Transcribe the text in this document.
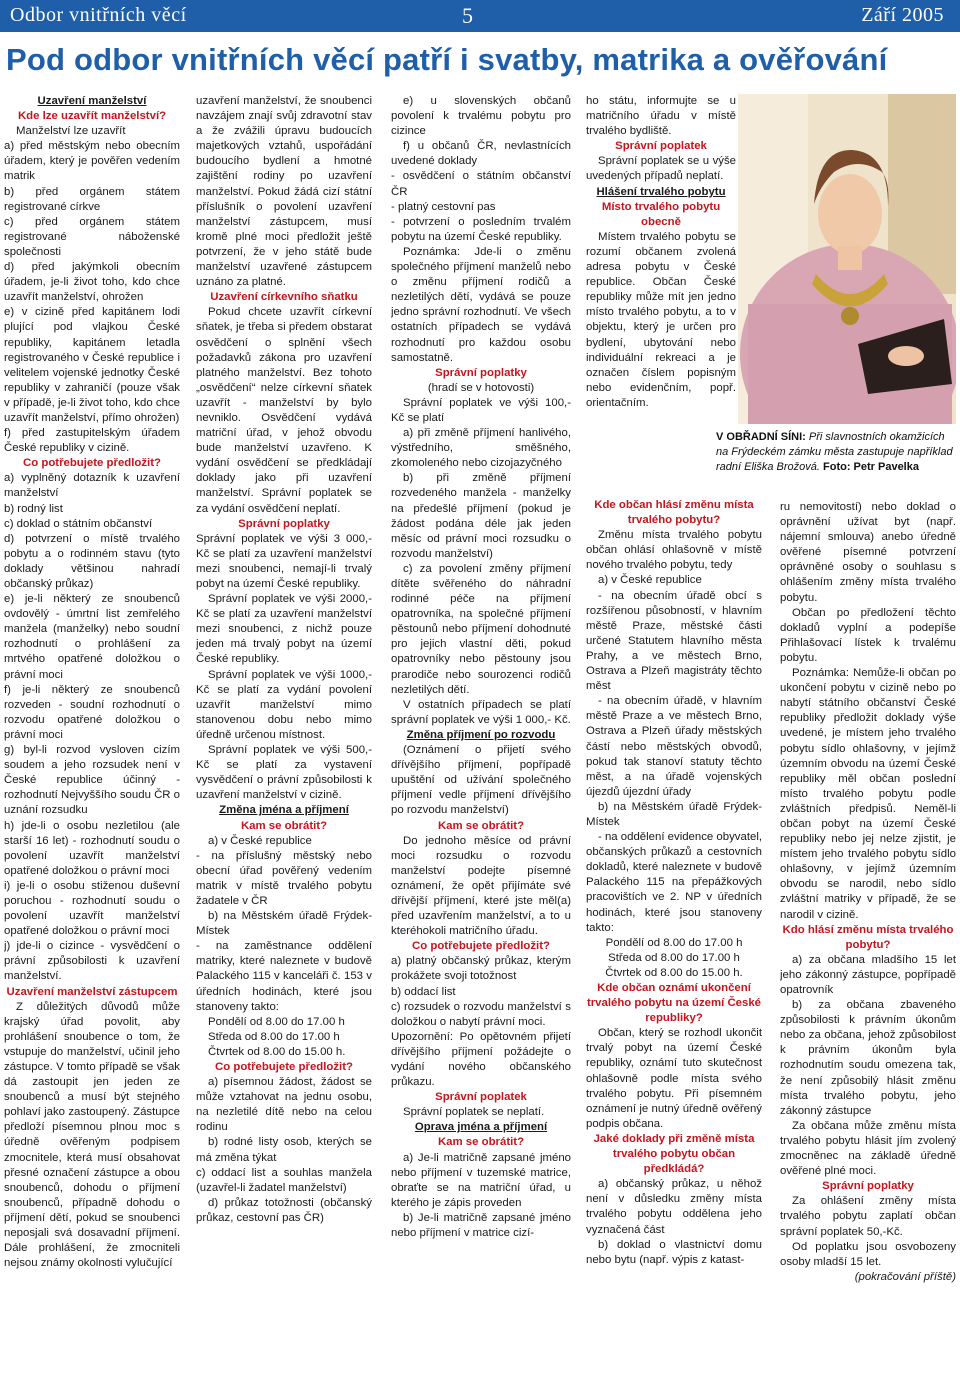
Odbor vnitřních věcí	5	Září 2005
Pod odbor vnitřních věcí patří i svatby, matrika a ověřování

Uzavření manželství

Kde lze uzavřít manželství?

Manželství lze uzavřít

a) před městským nebo obecním úřadem, který je pověřen vedením matrik

b) před orgánem státem registrované církve

c) před orgánem státem registrované náboženské společnosti

d) před jakýmkoli obecním úřadem, je-li život toho, kdo chce uzavřít manželství, ohrožen

e) v cizině před kapitánem lodi plující pod vlajkou České republiky, kapitánem letadla registrovaného v České republice i velitelem vojenské jednotky České republiky v zahraničí (pouze však v případě, je-li život toho, kdo chce uzavřít manželství, přímo ohrožen)

f) před zastupitelským úřadem České republiky v cizině.

Co potřebujete předložit?

a) vyplněný dotazník k uzavření manželství

b) rodný list

c) doklad o státním občanství

d) potvrzení o místě trvalého pobytu a o rodinném stavu (tyto doklady většinou nahradí občanský průkaz)

e) je-li některý ze snoubenců ovdovělý - úmrtní list zemřelého manžela (manželky) nebo soudní rozhodnutí o prohlášení za mrtvého opatřené doložkou o právní moci

f) je-li některý ze snoubenců rozveden - soudní rozhodnutí o rozvodu opatřené doložkou o právní moci

g) byl-li rozvod vysloven cizím soudem a jeho rozsudek není v České republice účinný - rozhodnutí Nejvyššího soudu ČR o uznání rozsudku

h) jde-li o osobu nezletilou (ale starší 16 let) - rozhodnutí soudu o povolení uzavřít manželství opatřené doložkou o právní moci

i) je-li o osobu stiženou duševní poruchou - rozhodnutí soudu o povolení uzavřít manželství opatřené doložkou o právní moci

j) jde-li o cizince - vysvědčení o právní způsobilosti k uzavření manželství.

Uzavření manželství zástupcem

Z důležitých důvodů může krajský úřad povolit, aby prohlášení snoubence o tom, že vstupuje do manželství, učinil jeho zástupce. V tomto případě se však dá zastoupit jen jeden ze snoubenců a musí být stejného pohlaví jako zastoupený. Zástupce předloží písemnou plnou moc s úředně ověřeným podpisem zmocnitele, která musí obsahovat přesné označení zástupce a obou snoubenců, dohodu o příjmení snoubenců, případně dohodu o příjmení dětí, pokud se snoubenci neposjali svá dosavadní příjmení. Dále prohlášení, že zmocniteli nejsou známy okolnosti vylučující

uzavření manželství, že snoubenci navzájem znají svůj zdravotní stav a že zvážili úpravu budoucích majetkových vztahů, uspořádání budoucího bydlení a hmotné zajištění rodiny po uzavření manželství. Pokud žádá cizí státní příslušník o povolení uzavření manželství zástupcem, musí kromě plné moci předložit ještě potvrzení, že v jeho státě bude manželství uzavřené zástupcem uznáno za platné.

Uzavření církevního sňatku

Pokud chcete uzavřít církevní sňatek, je třeba si předem obstarat osvědčení o splnění všech požadavků zákona pro uzavření platného manželství. Bez tohoto „osvědčení“ nelze církevní sňatek uzavřít - manželství by bylo nevniklo. Osvědčení vydává matriční úřad, v jehož obvodu bude manželství uzavřeno. K vydání osvědčení se předkládají doklady jako při uzavření manželství. Správní poplatek se za vydání osvědčení neplatí.

Správní poplatky

Správní poplatek ve výši 3 000,- Kč se platí za uzavření manželství mezi snoubenci, nemají-li trvalý pobyt na území České republiky.

Správní poplatek ve výši 2000,- Kč se platí za uzavření manželství mezi snoubenci, z nichž pouze jeden má trvalý pobyt na území České republiky.

Správní poplatek ve výši 1000,- Kč se platí za vydání povolení uzavřít manželství mimo stanovenou dobu nebo mimo úředně určenou místnost.

Správní poplatek ve výši 500,- Kč se platí za vystavení vysvědčení o právní způsobilosti k uzavření manželství v cizině.

Změna jména a příjmení

Kam se obrátit?

a) v České republice

- na příslušný městský nebo obecní úřad pověřený vedením matrik v místě trvalého pobytu žadatele v ČR

b) na Městském úřadě Frýdek-Místek

- na zaměstnance oddělení matriky, které naleznete v budově Palackého 115 v kanceláři č. 153 v úředních hodinách, které jsou stanoveny takto:

Pondělí od 8.00 do 17.00 h

Středa od 8.00 do 17.00 h

Čtvrtek od 8.00 do 15.00 h.

Co potřebujete předložit?

a) písemnou žádost, žádost se může vztahovat na jednu osobu, na nezletilé dítě nebo na celou rodinu

b) rodné listy osob, kterých se má změna týkat

c) oddací list a souhlas manžela (uzavřel-li žadatel manželství)

d) průkaz totožnosti (občanský průkaz, cestovní pas ČR)

e) u slovenských občanů povolení k trvalému pobytu pro cizince

f) u občanů ČR, nevlastnících uvedené doklady

- osvědčení o státním občanství ČR

- platný cestovní pas

- potvrzení o posledním trvalém pobytu na území České republiky.

Poznámka: Jde-li o změnu společného příjmení manželů nebo o změnu příjmení rodičů a nezletilých dětí, vydává se pouze jedno správní rozhodnutí. Ve všech ostatních případech se vydává rozhodnutí pro každou osobu samostatně.

Správní poplatky

(hradí se v hotovosti)

Správní poplatek ve výši 100,- Kč se platí

a) při změně příjmení hanlivého, výstředního, směšného, zkomoleného nebo cizojazyčného

b) při změně příjmení rozvedeného manžela - manželky na předešlé příjmení (pokud je žádost podána déle jak jeden měsíc od právní moci rozsudku o rozvodu manželství)

c) za povolení změny příjmení dítěte svěřeného do náhradní rodinné péče na příjmení opatrovníka, na společné příjmení pěstounů nebo příjmení dohodnuté pro jejich vlastní děti, pokud opatrovníky nebo pěstouny jsou prarodiče nebo sourozenci rodičů nezletilých dětí.

V ostatních případech se platí správní poplatek ve výši 1 000,- Kč.

Změna příjmení po rozvodu

(Oznámení o přijetí svého dřívějšího příjmení, popřípadě upuštění od užívání společného příjmení vedle příjmení dřívějšího po rozvodu manželství)

Kam se obrátit?

Do jednoho měsíce od právní moci rozsudku o rozvodu manželství podejte písemné oznámení, že opět přijímáte své dřívější příjmení, které jste měl(a) před uzavřením manželství, a to u kteréhokoli matričního úřadu.

Co potřebujete předložit?

a) platný občanský průkaz, kterým prokážete svoji totožnost

b) oddací list

c) rozsudek o rozvodu manželství s doložkou o nabytí právní moci.

Upozornění: Po opětovném přijetí dřívějšího příjmení požádejte o vydání nového občanského průkazu.

Správní poplatek

Správní poplatek se neplatí.

Oprava jména a příjmení

Kam se obrátit?

a) Je-li matričně zapsané jméno nebo příjmení v tuzemské matrice, obraťte se na matriční úřad, u kterého je zápis proveden

b) Je-li matričně zapsané jméno nebo příjmení v matrice cizí-

ho státu, informujte se u matričního úřadu v místě trvalého bydliště.

Správní poplatek

Správní poplatek se u výše uvedených případů neplatí.

Hlášení trvalého pobytu

Místo trvalého pobytu obecně

Místem trvalého pobytu se rozumí občanem zvolená adresa pobytu v České republice. Občan České republiky může mít jen jedno místo trvalého pobytu, a to v objektu, který je určen pro bydlení, ubytování nebo individuální rekreaci a je označen číslem popisným nebo evidenčním, popř. orientačním.

Kde občan hlásí změnu místa trvalého pobytu?

Změnu místa trvalého pobytu občan ohlásí ohlašovně v místě nového trvalého pobytu, tedy

a) v České republice

- na obecním úřadě obcí s rozšířenou působností, v hlavním městě Praze, městské části určené Statutem hlavního města Prahy, a ve městech Brno, Ostrava a Plzeň magistráty těchto měst

- na obecním úřadě, v hlavním městě Praze a ve městech Brno, Ostrava a Plzeň úřady městských částí nebo městských obvodů, pokud tak stanoví statuty těchto měst, a na úřadě vojenských újezdů újezdní úřady

b) na Městském úřadě Frýdek-Místek

- na oddělení evidence obyvatel, občanských průkazů a cestovních dokladů, které naleznete v budově Palackého 115 na přepážkových pracovištích ve 2. NP v úředních hodinách, které jsou stanoveny takto:

Pondělí od 8.00 do 17.00 h

Středa od 8.00 do 17.00 h

Čtvrtek od 8.00 do 15.00 h.

Kde občan oznámí ukončení trvalého pobytu na území České republiky?

Občan, který se rozhodl ukončit trvalý pobyt na území České republiky, oznámí tuto skutečnost ohlašovně podle místa svého trvalého pobytu. Při písemném oznámení je nutný úředně ověřený podpis občana.

Jaké doklady při změně místa trvalého pobytu občan předkládá?

a) občanský průkaz, u něhož není v důsledku změny místa trvalého pobytu oddělena jeho vyznačená část

b) doklad o vlastnictví domu nebo bytu (např. výpis z katast-

ru nemovitostí) nebo doklad o oprávnění užívat byt (např. nájemní smlouva) anebo úředně ověřené písemné potvrzení oprávněné osoby o souhlasu s ohlášením změny místa trvalého pobytu.

Občan po předložení těchto dokladů vyplní a podepíše Přihlašovací lístek k trvalému pobytu.

Poznámka: Nemůže-li občan po ukončení pobytu v cizině nebo po nabytí státního občanství České republiky předložit doklady výše uvedené, je místem jeho trvalého pobytu sídlo ohlašovny, v jejímž územním obvodu na území České republiky měl občan poslední místo trvalého pobytu podle zvláštních předpisů. Neměl-li občan pobyt na území České republiky nebo jej nelze zjistit, je místem jeho trvalého pobytu sídlo ohlašovny, v jejímž územním obvodu se narodil, nebo sídlo zvláštní matriky v případě, že se narodil v cizině.

Kdo hlásí změnu místa trvalého pobytu?

a) za občana mladšího 15 let jeho zákonný zástupce, popřípadě opatrovník

b) za občana zbaveného způsobilosti k právním úkonům nebo za občana, jehož způsobilost k právním úkonům byla rozhodnutím soudu omezena tak, že není způsobilý hlásit změnu místa trvalého pobytu, jeho zákonný zástupce

Za občana může změnu místa trvalého pobytu hlásit jím zvolený zmocněnec na základě úředně ověřené plné moci.

Správní poplatky

Za ohlášení změny místa trvalého pobytu zaplatí občan správní poplatek 50,-Kč.

Od poplatku jsou osvobozeny osoby mladší 15 let.

(pokračování příště)

V OBŘADNÍ SÍNI: Při slavnostních okamžicích na Frýdeckém zámku města zastupuje například radní Eliška Brožová. Foto: Petr Pavelka
